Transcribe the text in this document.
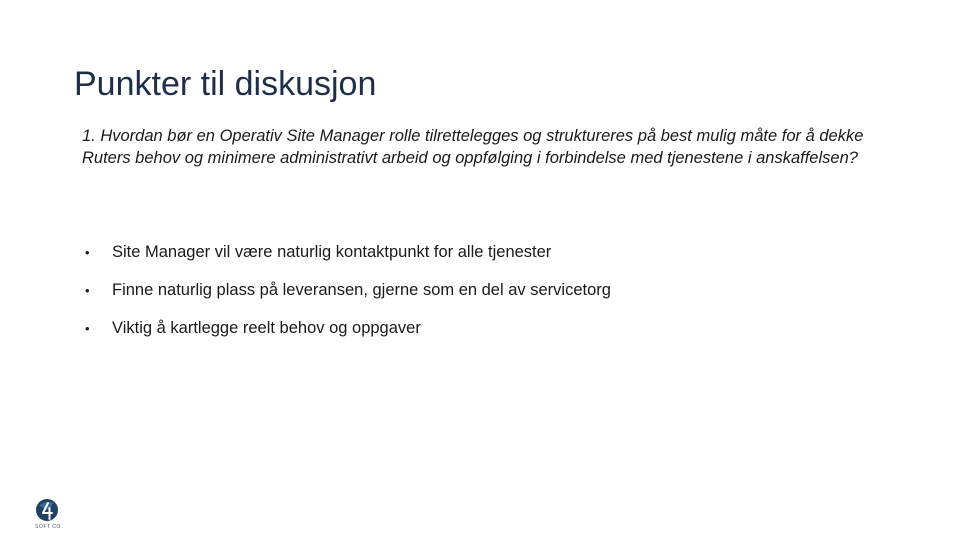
Punkter til diskusjon

1. Hvordan bør en Operativ Site Manager rolle tilrettelegges og struktureres på best mulig måte for å dekke Ruters behov og minimere administrativt arbeid og oppfølging i forbindelse med tjenestene i anskaffelsen?

•	Site Manager vil være naturlig kontaktpunkt for alle tjenester
•	Finne naturlig plass på leveransen, gjerne som en del av servicetorg
•	Viktig å kartlegge reelt behov og oppgaver
SOFT CO
